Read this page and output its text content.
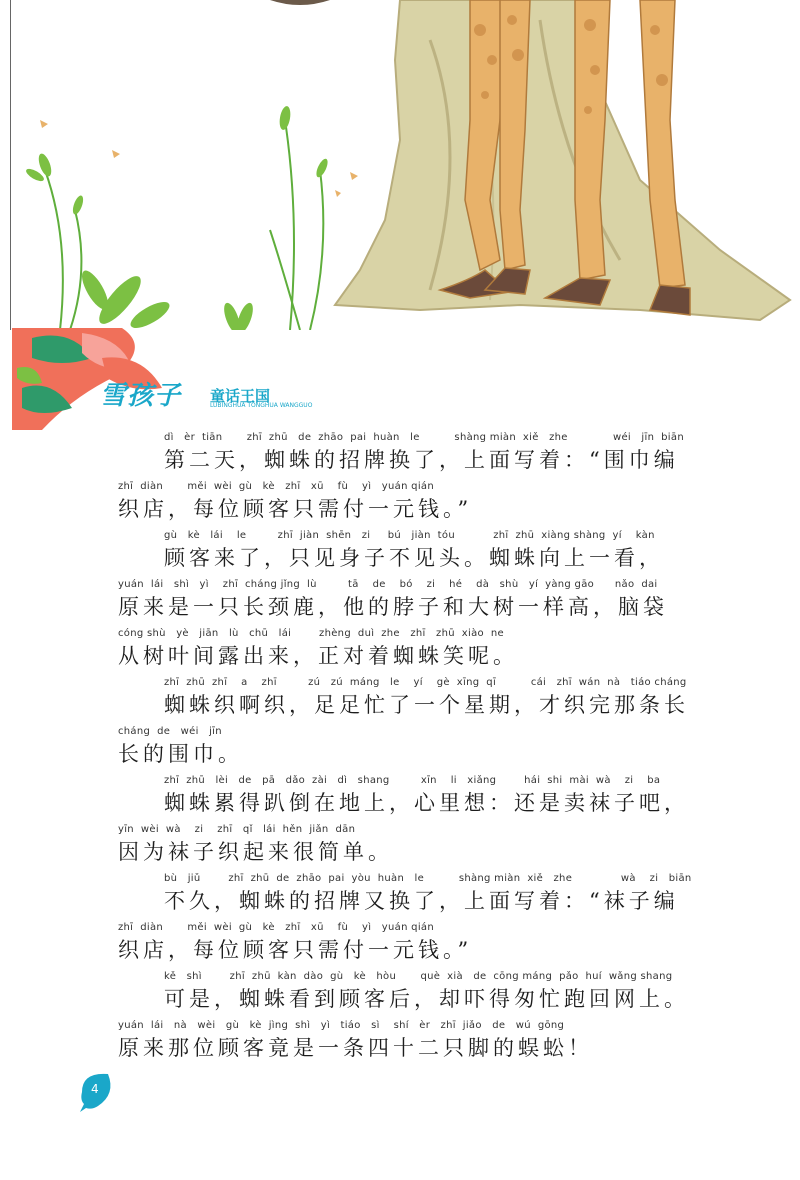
雪孩子 童话王国
LUBINGHUA TONGHUA WANGGUO
dì   èr  tiān       zhī  zhū   de  zhāo  pai  huàn   le          shàng miàn  xiě   zhe             wéi   jīn  biān
第二天，蜘蛛的招牌换了，上面写着：“围巾编
zhī  diàn       měi  wèi  gù   kè   zhī   xū    fù    yì   yuán qián
织店，每位顾客只需付一元钱。”
gù   kè   lái    le         zhī  jiàn  shēn   zi     bú   jiàn  tóu           zhī  zhū  xiàng shàng  yí    kàn
顾客来了，只见身子不见头。蜘蛛向上一看，
yuán  lái   shì   yì    zhī  cháng jǐng  lù         tā    de    bó    zi    hé    dà   shù   yí  yàng gāo      nǎo  dai
原来是一只长颈鹿，他的脖子和大树一样高，脑袋
cóng shù   yè   jiān   lù   chū   lái        zhèng  duì  zhe   zhī   zhū  xiào  ne
从树叶间露出来，正对着蜘蛛笑呢。
zhī  zhū  zhī    a    zhī         zú   zú  máng   le    yí    gè  xīng  qī          cái   zhī  wán  nà   tiáo cháng
蜘蛛织啊织，足足忙了一个星期，才织完那条长
cháng  de   wéi   jīn
长的围巾。
zhī  zhū   lèi   de   pā   dǎo  zài   dì   shang         xīn    li   xiǎng        hái  shi  mài  wà    zi    ba
蜘蛛累得趴倒在地上，心里想：还是卖袜子吧，
yīn  wèi  wà    zi    zhī   qǐ   lái  hěn  jiǎn  dān
因为袜子织起来很简单。
bù   jiǔ        zhī  zhū  de  zhāo  pai  yòu  huàn   le          shàng miàn  xiě   zhe              wà    zi   biān
不久，蜘蛛的招牌又换了，上面写着：“袜子编
zhī  diàn       měi  wèi  gù   kè   zhī   xū    fù    yì   yuán qián
织店，每位顾客只需付一元钱。”
kě   shì        zhī  zhū  kàn  dào  gù   kè   hòu       què  xià   de  cōng máng  pǎo  huí  wǎng shang
可是，蜘蛛看到顾客后，却吓得匆忙跑回网上。
yuán  lái   nà   wèi   gù   kè  jìng  shì   yì   tiáo   sì    shí   èr   zhī  jiǎo   de   wú  gōng
原来那位顾客竟是一条四十二只脚的蜈蚣！
4
